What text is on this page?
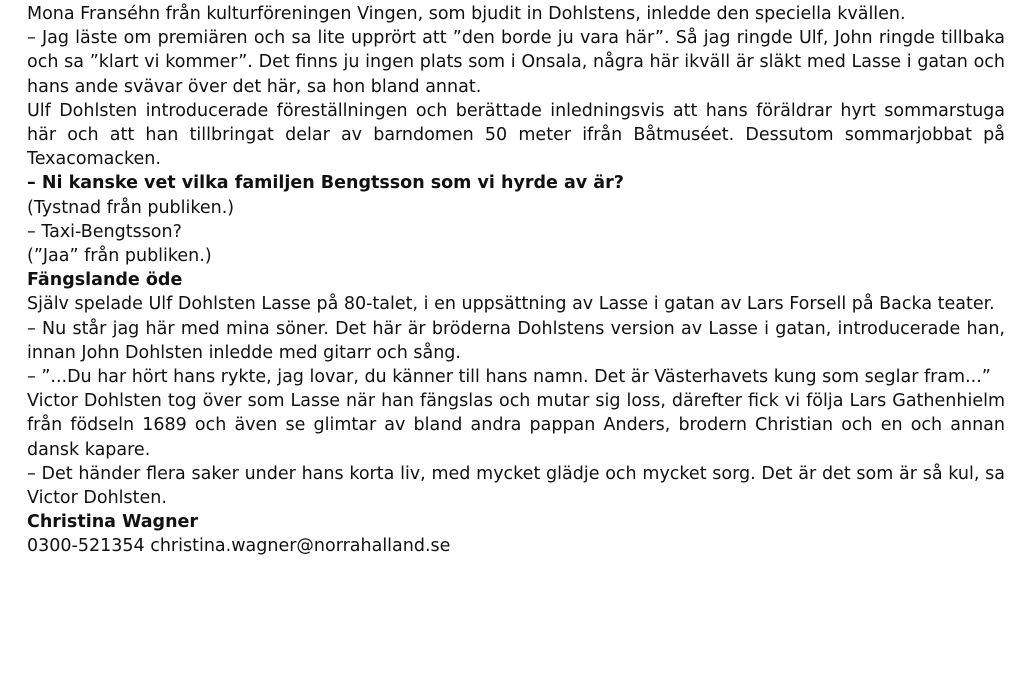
Mona Franséhn från kulturföreningen Vingen, som bjudit in Dohlstens, inledde den speciella kvällen.

– Jag läste om premiären och sa lite upprört att ”den borde ju vara här”. Så jag ringde Ulf, John ringde tillbaka och sa ”klart vi kommer”. Det finns ju ingen plats som i Onsala, några här ikväll är släkt med Lasse i gatan och hans ande svävar över det här, sa hon bland annat.

Ulf Dohlsten introducerade föreställningen och berättade inledningsvis att hans föräldrar hyrt sommarstuga här och att han tillbringat delar av barndomen 50 meter ifrån Båtmuséet. Dessutom sommarjobbat på Texacomacken.

– Ni kanske vet vilka familjen Bengtsson som vi hyrde av är?

(Tystnad från publiken.)

– Taxi-Bengtsson?

(”Jaa” från publiken.)

Fängslande öde

Själv spelade Ulf Dohlsten Lasse på 80-talet, i en uppsättning av Lasse i gatan av Lars Forsell på Backa teater.

– Nu står jag här med mina söner. Det här är bröderna Dohlstens version av Lasse i gatan, introducerade han, innan John Dohlsten inledde med gitarr och sång.

– ”...Du har hört hans rykte, jag lovar, du känner till hans namn. Det är Västerhavets kung som seglar fram...”

Victor Dohlsten tog över som Lasse när han fängslas och mutar sig loss, därefter fick vi följa Lars Gathenhielm från födseln 1689 och även se glimtar av bland andra pappan Anders, brodern Christian och en och annan dansk kapare.

– Det händer flera saker under hans korta liv, med mycket glädje och mycket sorg. Det är det som är så kul, sa Victor Dohlsten.

Christina Wagner

0300-521354 christina.wagner@norrahalland.se
